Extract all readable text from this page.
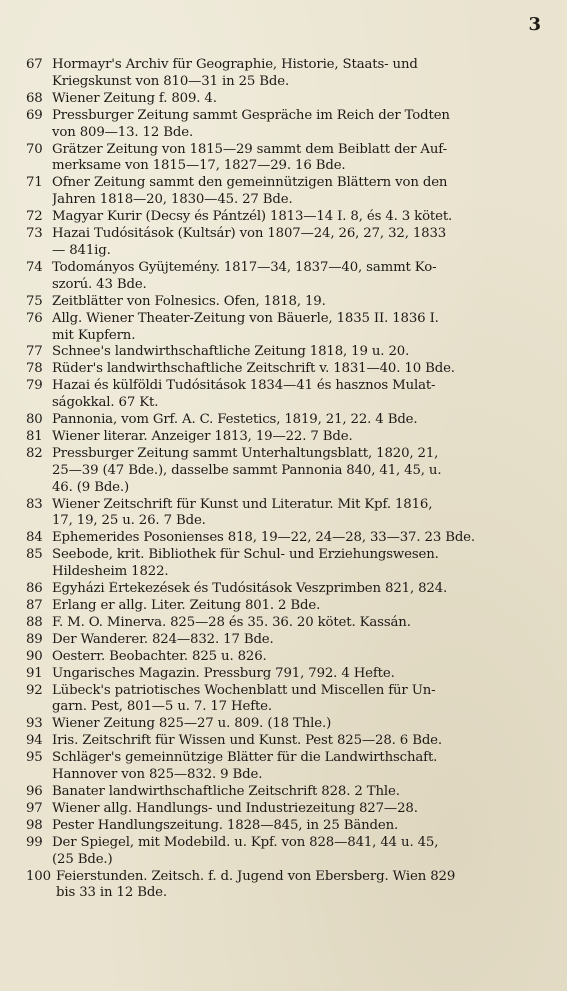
3
67 Hormayr's Archiv für Geographie, Historie, Staats- und
Kriegskunst von 810—31 in 25 Bde.
68 Wiener Zeitung f. 809. 4.
69 Pressburger Zeitung sammt Gespräche im Reich der Todten
von 809—13. 12 Bde.
70 Grätzer Zeitung von 1815—29 sammt dem Beiblatt der Auf-
merksame von 1815—17, 1827—29. 16 Bde.
71 Ofner Zeitung sammt den gemeinnützigen Blättern von den
Jahren 1818—20, 1830—45. 27 Bde.
72 Magyar Kurir (Decsy és Pántzél) 1813—14 I. 8, és 4. 3 kötet.
73 Hazai Tudósitások (Kultsár) von 1807—24, 26, 27, 32, 1833
— 841ig.
74 Todományos Gyüjtemény. 1817—34, 1837—40, sammt Ko-
szorú. 43 Bde.
75 Zeitblätter von Folnesics. Ofen, 1818, 19.
76 Allg. Wiener Theater-Zeitung von Bäuerle, 1835 II. 1836 I.
mit Kupfern.
77 Schnee's landwirthschaftliche Zeitung 1818, 19 u. 20.
78 Rüder's landwirthschaftliche Zeitschrift v. 1831—40. 10 Bde.
79 Hazai és külföldi Tudósitások 1834—41 és hasznos Mulat-
ságokkal. 67 Kt.
80 Pannonia, vom Grf. A. C. Festetics, 1819, 21, 22. 4 Bde.
81 Wiener literar. Anzeiger 1813, 19—22. 7 Bde.
82 Pressburger Zeitung sammt Unterhaltungsblatt, 1820, 21,
25—39 (47 Bde.), dasselbe sammt Pannonia 840, 41, 45, u.
46. (9 Bde.)
83 Wiener Zeitschrift für Kunst und Literatur. Mit Kpf. 1816,
17, 19, 25 u. 26. 7 Bde.
84 Ephemerides Posonienses 818, 19—22, 24—28, 33—37. 23 Bde.
85 Seebode, krit. Bibliothek für Schul- und Erziehungswesen.
Hildesheim 1822.
86 Egyházi Értekezések és Tudósitások Veszprimben 821, 824.
87 Erlang er allg. Liter. Zeitung 801. 2 Bde.
88 F. M. O. Minerva. 825—28 és 35. 36. 20 kötet. Kassán.
89 Der Wanderer. 824—832. 17 Bde.
90 Oesterr. Beobachter. 825 u. 826.
91 Ungarisches Magazin. Pressburg 791, 792. 4 Hefte.
92 Lübeck's patriotisches Wochenblatt und Miscellen für Un-
garn. Pest, 801—5 u. 7. 17 Hefte.
93 Wiener Zeitung 825—27 u. 809. (18 Thle.)
94 Iris. Zeitschrift für Wissen und Kunst. Pest 825—28. 6 Bde.
95 Schläger's gemeinnützige Blätter für die Landwirthschaft.
Hannover von 825—832. 9 Bde.
96 Banater landwirthschaftliche Zeitschrift 828. 2 Thle.
97 Wiener allg. Handlungs- und Industriezeitung 827—28.
98 Pester Handlungszeitung. 1828—845, in 25 Bänden.
99 Der Spiegel, mit Modebild. u. Kpf. von 828—841, 44 u. 45,
(25 Bde.)
100 Feierstunden. Zeitsch. f. d. Jugend von Ebersberg. Wien 829
bis 33 in 12 Bde.
